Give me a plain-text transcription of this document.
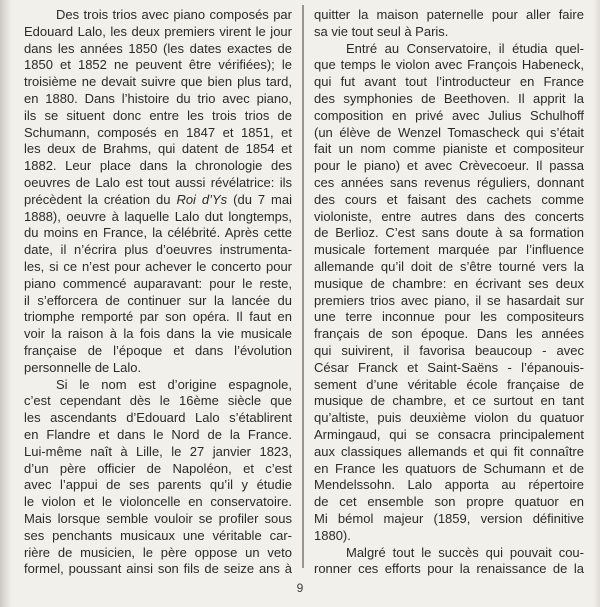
Des trois trios avec piano composés par
Edouard Lalo, les deux premiers virent le jour
dans les années 1850 (les dates exactes de
1850 et 1852 ne peuvent être vérifiées); le
troisième ne devait suivre que bien plus tard,
en 1880. Dans l’histoire du trio avec piano,
ils se situent donc entre les trois trios de
Schumann, composés en 1847 et 1851, et
les deux de Brahms, qui datent de 1854 et
1882. Leur place dans la chronologie des
oeuvres de Lalo est tout aussi révélatrice: ils
précèdent la création du Roi d’Ys (du 7 mai
1888), oeuvre à laquelle Lalo dut longtemps,
du moins en France, la célébrité. Après cette
date, il n’écrira plus d’oeuvres instrumenta-
les, si ce n’est pour achever le concerto pour
piano commencé auparavant: pour le reste,
il s’efforcera de continuer sur la lancée du
triomphe remporté par son opéra. Il faut en
voir la raison à la fois dans la vie musicale
française de l’époque et dans l’évolution
personnelle de Lalo.
Si le nom est d’origine espagnole,
c’est cependant dès le 16ème siècle que
les ascendants d’Edouard Lalo s’établirent
en Flandre et dans le Nord de la France.
Lui-même naît à Lille, le 27 janvier 1823,
d’un père officier de Napoléon, et c’est
avec l’appui de ses parents qu’il y étudie
le violon et le violoncelle en conservatoire.
Mais lorsque semble vouloir se profiler sous
ses penchants musicaux une véritable car-
rière de musicien, le père oppose un veto
formel, poussant ainsi son fils de seize ans à
quitter la maison paternelle pour aller faire
sa vie tout seul à Paris.
Entré au Conservatoire, il étudia quel-
que temps le violon avec François Habeneck,
qui fut avant tout l’introducteur en France
des symphonies de Beethoven. Il apprit la
composition en privé avec Julius Schulhoff
(un élève de Wenzel Tomascheck qui s’était
fait un nom comme pianiste et compositeur
pour le piano) et avec Crèvecoeur. Il passa
ces années sans revenus réguliers, donnant
des cours et faisant des cachets comme
violoniste, entre autres dans des concerts
de Berlioz. C’est sans doute à sa formation
musicale fortement marquée par l’influence
allemande qu’il doit de s’être tourné vers la
musique de chambre: en écrivant ses deux
premiers trios avec piano, il se hasardait sur
une terre inconnue pour les compositeurs
français de son époque. Dans les années
qui suivirent, il favorisa beaucoup - avec
César Franck et Saint-Saëns - l’épanouis-
sement d’une véritable école française de
musique de chambre, et ce surtout en tant
qu’altiste, puis deuxième violon du quatuor
Armingaud, qui se consacra principalement
aux classiques allemands et qui fit connaître
en France les quatuors de Schumann et de
Mendelssohn. Lalo apporta au répertoire
de cet ensemble son propre quatuor en
Mi bémol majeur (1859, version définitive
1880).
Malgré tout le succès qui pouvait cou-
ronner ces efforts pour la renaissance de la
9
